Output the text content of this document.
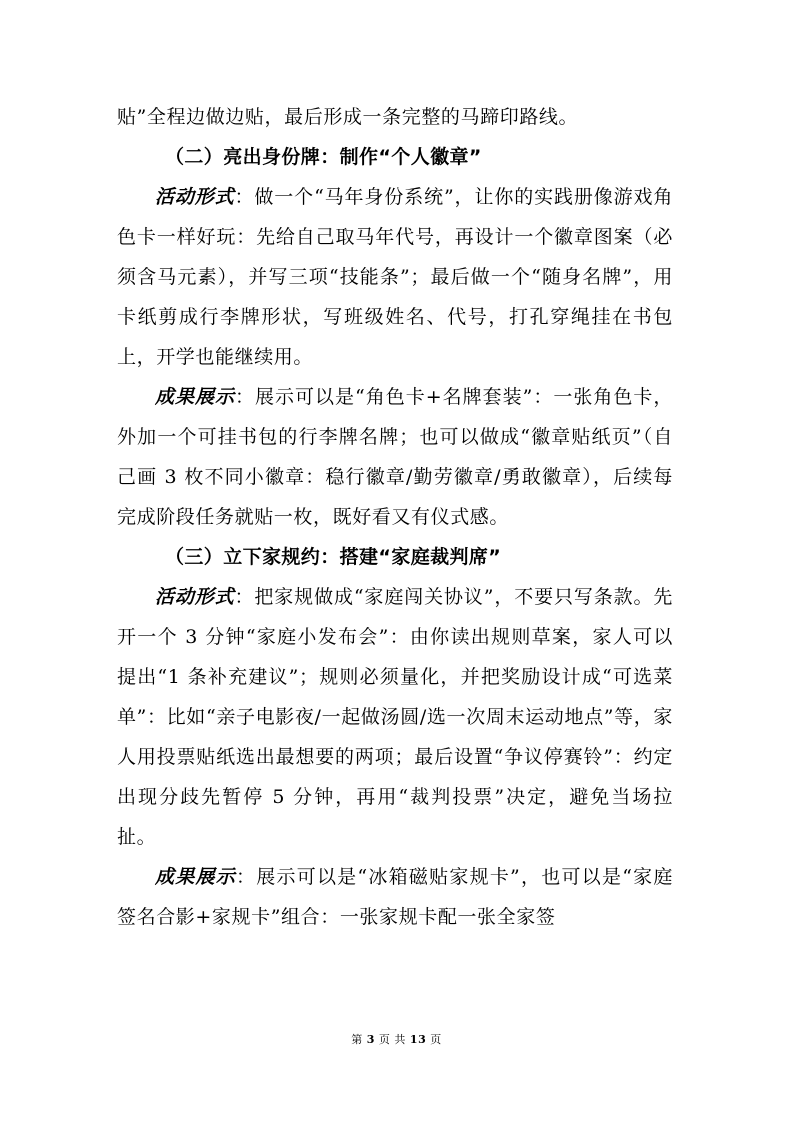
贴”全程边做边贴，最后形成一条完整的马蹄印路线。

（二）亮出身份牌：制作“个人徽章”

活动形式：做一个“马年身份系统”，让你的实践册像游戏角色卡一样好玩：先给自己取马年代号，再设计一个徽章图案（必须含马元素），并写三项“技能条”；最后做一个“随身名牌”，用卡纸剪成行李牌形状，写班级姓名、代号，打孔穿绳挂在书包上，开学也能继续用。

成果展示：展示可以是“角色卡+名牌套装”：一张角色卡，外加一个可挂书包的行李牌名牌；也可以做成“徽章贴纸页”（自己画 3 枚不同小徽章：稳行徽章/勤劳徽章/勇敢徽章），后续每完成阶段任务就贴一枚，既好看又有仪式感。

（三）立下家规约：搭建“家庭裁判席”

活动形式：把家规做成“家庭闯关协议”，不要只写条款。先开一个 3 分钟“家庭小发布会”：由你读出规则草案，家人可以提出“1 条补充建议”；规则必须量化，并把奖励设计成“可选菜单”：比如“亲子电影夜/一起做汤圆/选一次周末运动地点”等，家人用投票贴纸选出最想要的两项；最后设置“争议停赛铃”：约定出现分歧先暂停 5 分钟，再用“裁判投票”决定，避免当场拉扯。

成果展示：展示可以是“冰箱磁贴家规卡”，也可以是“家庭签名合影+家规卡”组合：一张家规卡配一张全家签

第 3 页 共 13 页
